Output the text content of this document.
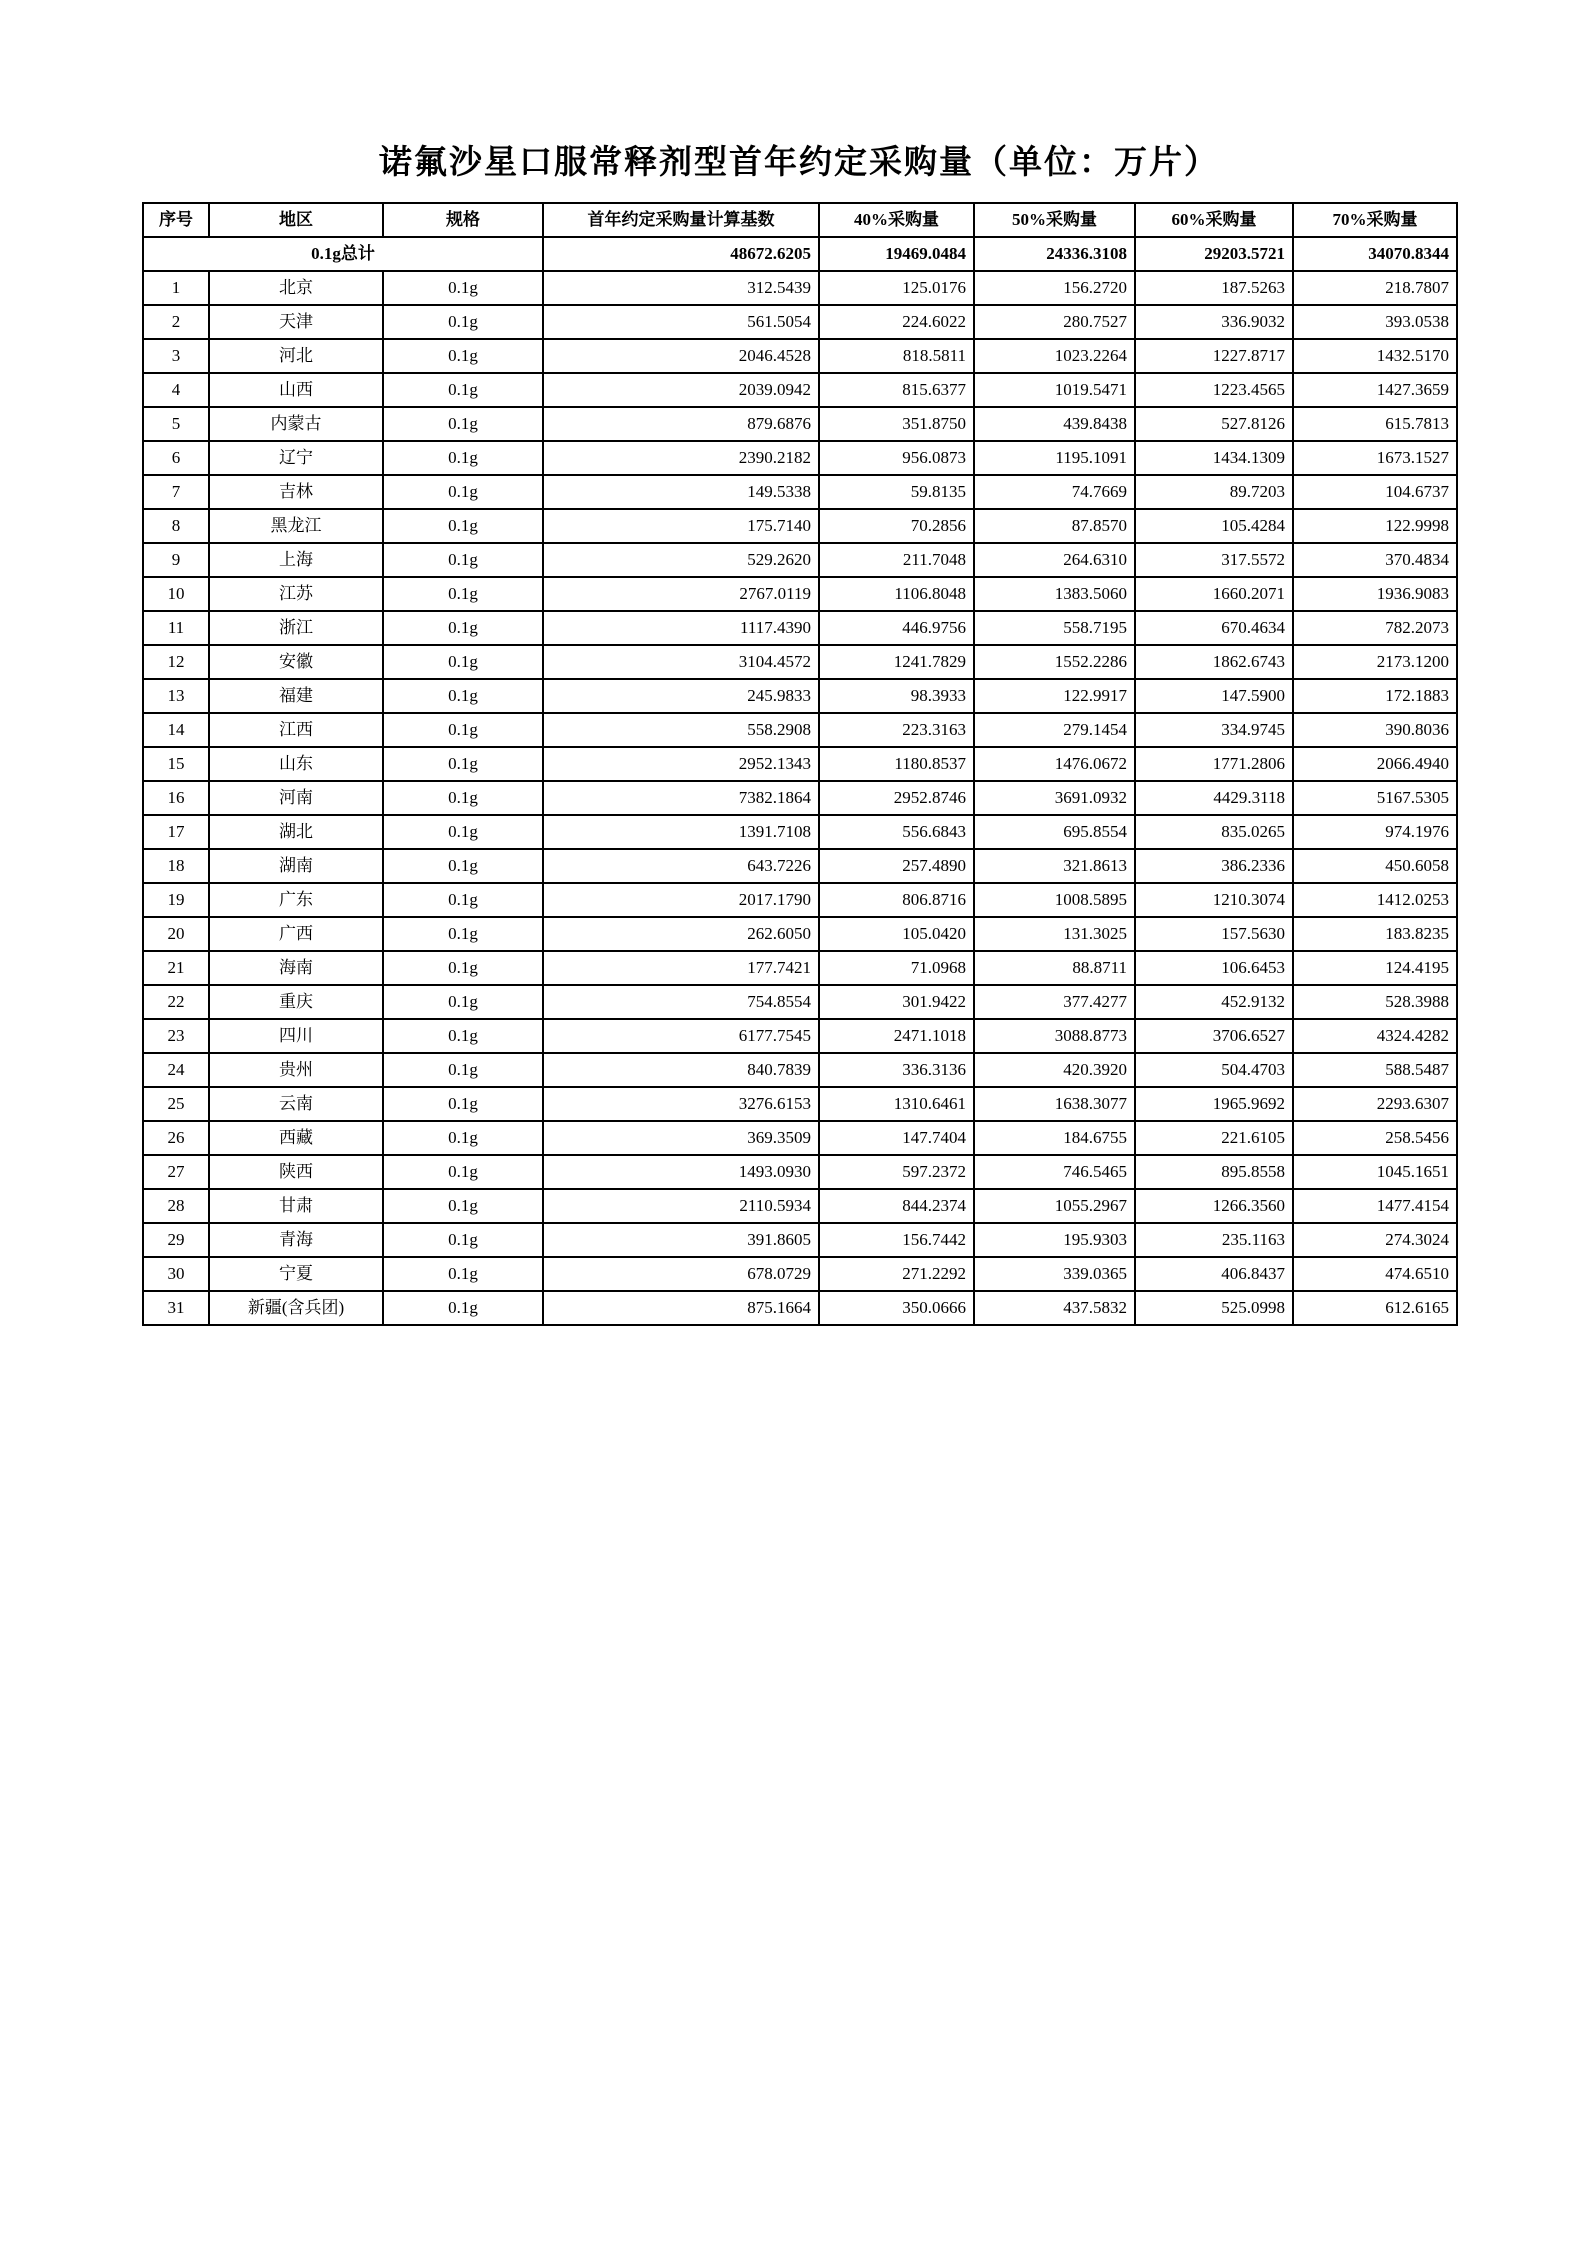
诺氟沙星口服常释剂型首年约定采购量（单位：万片）
序号	地区	规格	首年约定采购量计算基数	40%采购量	50%采购量	60%采购量	70%采购量
0.1g总计			48672.6205	19469.0484	24336.3108	29203.5721	34070.8344
1	北京	0.1g	312.5439	125.0176	156.2720	187.5263	218.7807
2	天津	0.1g	561.5054	224.6022	280.7527	336.9032	393.0538
3	河北	0.1g	2046.4528	818.5811	1023.2264	1227.8717	1432.5170
4	山西	0.1g	2039.0942	815.6377	1019.5471	1223.4565	1427.3659
5	内蒙古	0.1g	879.6876	351.8750	439.8438	527.8126	615.7813
6	辽宁	0.1g	2390.2182	956.0873	1195.1091	1434.1309	1673.1527
7	吉林	0.1g	149.5338	59.8135	74.7669	89.7203	104.6737
8	黑龙江	0.1g	175.7140	70.2856	87.8570	105.4284	122.9998
9	上海	0.1g	529.2620	211.7048	264.6310	317.5572	370.4834
10	江苏	0.1g	2767.0119	1106.8048	1383.5060	1660.2071	1936.9083
11	浙江	0.1g	1117.4390	446.9756	558.7195	670.4634	782.2073
12	安徽	0.1g	3104.4572	1241.7829	1552.2286	1862.6743	2173.1200
13	福建	0.1g	245.9833	98.3933	122.9917	147.5900	172.1883
14	江西	0.1g	558.2908	223.3163	279.1454	334.9745	390.8036
15	山东	0.1g	2952.1343	1180.8537	1476.0672	1771.2806	2066.4940
16	河南	0.1g	7382.1864	2952.8746	3691.0932	4429.3118	5167.5305
17	湖北	0.1g	1391.7108	556.6843	695.8554	835.0265	974.1976
18	湖南	0.1g	643.7226	257.4890	321.8613	386.2336	450.6058
19	广东	0.1g	2017.1790	806.8716	1008.5895	1210.3074	1412.0253
20	广西	0.1g	262.6050	105.0420	131.3025	157.5630	183.8235
21	海南	0.1g	177.7421	71.0968	88.8711	106.6453	124.4195
22	重庆	0.1g	754.8554	301.9422	377.4277	452.9132	528.3988
23	四川	0.1g	6177.7545	2471.1018	3088.8773	3706.6527	4324.4282
24	贵州	0.1g	840.7839	336.3136	420.3920	504.4703	588.5487
25	云南	0.1g	3276.6153	1310.6461	1638.3077	1965.9692	2293.6307
26	西藏	0.1g	369.3509	147.7404	184.6755	221.6105	258.5456
27	陕西	0.1g	1493.0930	597.2372	746.5465	895.8558	1045.1651
28	甘肃	0.1g	2110.5934	844.2374	1055.2967	1266.3560	1477.4154
29	青海	0.1g	391.8605	156.7442	195.9303	235.1163	274.3024
30	宁夏	0.1g	678.0729	271.2292	339.0365	406.8437	474.6510
31	新疆(含兵团)	0.1g	875.1664	350.0666	437.5832	525.0998	612.6165
